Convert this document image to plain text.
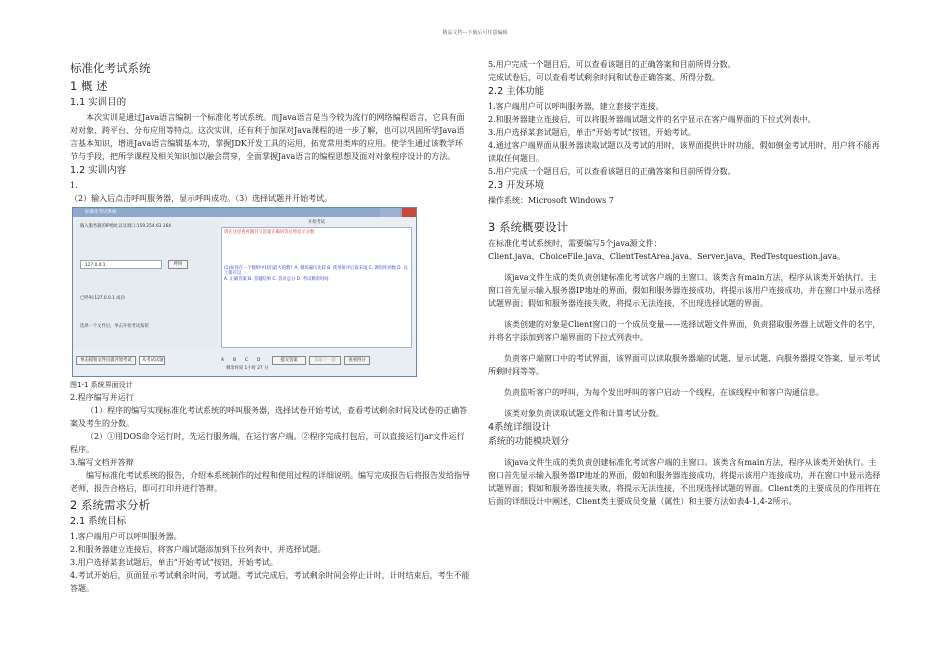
精品文档---下载后可任意编辑
标准化考试系统
1 概 述
1.1 实训目的

本次实训是通过Java语言编制一个标准化考试系统。而Java语言是当今较为流行的网络编程语言，它具有面对对象、跨平台、分布应用等特点。这次实训，还有利于加深对Java课程的进一步了解，也可以巩固所学Java语言基本知识，增进Java语言编辑基本功，掌握JDK开发工具的运用，拓宽常用类库的应用。使学生通过该教学环节与手段，把所学课程及相关知识加以融会贯穿，全面掌握Java语言的编程思想及面对对象程序设计的方法。

1.2 实训内容

1.

（2）输入后点击呼叫服务器，显示呼叫成功。（3）选择试题并开始考试。

标准化考试系统
输入服务器的IP地址以及端口:159.254.63.164
127.0.0.1	呼叫
已呼叫:127.0.0.1 成功
选择一个文件后，单击开始考试按钮
开始考试
请在这里查看题目与答案正确回答后将显示分数
(1)如何在一个数组中找出最大的数？A. 循环遍历比较 B. 使用排序后取末尾 C. 调用库函数 D. 以上都可以
A. 正确答案 B. 答题结果 C. 答对总分 D. 考试剩余时间
单击按钮文件后就开始考试	从考试试题	A B C D	提交答案	读取下一题	查看得分
剩余时间 1小时 27 分
图1-1 系统界面设计

2.程序编写并运行

（1）程序的编写实现标准化考试系统的呼叫服务器，选择试卷开始考试，查看考试剩余时间及试卷的正确答案及考生的分数。

（2）①用DOS命令运行时，先运行服务端，在运行客户端。②程序完成打包后，可以直接运行jar文件运行程序。

3.编写文档并答辩

编写标准化考试系统的报告，介绍本系统制作的过程和使用过程的详细说明。编写完成报告后将报告发给指导老师，报告合格后，即可打印并进行答辩。

2 系统需求分析
2.1 系统目标

1.客户端用户可以呼叫服务器。

2.和服务器建立连接后，将客户端试题添加到下拉列表中，并选择试题。

3.用户选择某套试题后，单击“开始考试”按钮，开始考试。

4.考试开始后，页面显示考试剩余时间，考试题。考试完成后，考试剩余时间会停止计时，计时结束后，考生不能答题。

5.用户完成一个题目后，可以查看该题目的正确答案和目前所得分数。

完成试卷后，可以查看考试剩余时间和试卷正确答案、所得分数。

2.2 主体功能

1.客户端用户可以呼叫服务器，建立套接字连接。

2.和服务器建立连接后，可以将服务器端试题文件的名字显示在客户端界面的下拉式列表中。

3.用户选择某套试题后，单击“开始考试”按钮，开始考试。

4.通过客户端界面从服务器读取试题以及考试的用时，该界面提供计时功能，假如倒金考试用时，用户将不能再读取任何题目。

5.用户完成一个题目后，可以查看该题目的正确答案和目前所得分数。

2.3 开发环境

操作系统：Microsoft Windows 7

3 系统概要设计

在标准化考试系统时，需要编写5个java源文件：

Client.java、ChoiceFile.java、ClientTestArea.java、Server.java、RedTestquestion.java。

该java文件生成的类负责创建标准化考试客户端的主窗口。该类含有main方法，程序从该类开始执行。主窗口首先显示输入服务器IP地址的界面，假如和服务器连接成功，将提示该用户连接成功，并在窗口中显示选择试题界面；假如和服务器连接失败，将提示无法连接，不出现选择试题的界面。

该类创建的对象是Client窗口的一个成员变量——选择试题文件界面，负责猎取服务器上试题文件的名字，并将名字添加到客户端界面的下拉式列表中。

负责客户端窗口中的考试界面，该界面可以读取服务器端的试题、显示试题、向服务器提交答案、显示考试所剩时间等等。

负责监听客户的呼叫，为每个发出呼叫的客户启动一个线程，在该线程中和客户沟通信息。

该类对象负责读取试题文件和计算考试分数。

4系统详细设计
系统的功能模块划分

该java文件生成的类负责创建标准化考试客户端的主窗口。该类含有main方法，程序从该类开始执行。主窗口首先显示输入服务器IP地址的界面，假如和服务器连接成功，将提示该用户连接成功，并在窗口中显示选择试题界面；假如和服务器连接失败，将提示无法连接，不出现选择试题的界面。Client类的主要成员的作用将在后面的详细设计中阐述，Client类主要成员变量（属性）和主要方法如表4-1,4-2所示。
